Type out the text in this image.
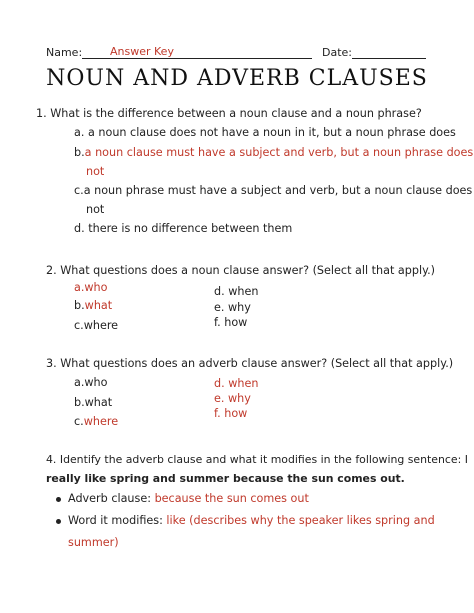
Name:	Answer Key	Date:
NOUN AND ADVERB CLAUSES
1. What is the difference between a noun clause and a noun phrase?
a. a noun clause does not have a noun in it, but a noun phrase does
b.a noun clause must have a subject and verb, but a noun phrase does
not
c.a noun phrase must have a subject and verb, but a noun clause does
not
d. there is no difference between them
2. What questions does a noun clause answer? (Select all that apply.)
a.who
b.what
c.where
d. when
e. why
f. how
3. What questions does an adverb clause answer? (Select all that apply.)
a.who
b.what
c.where
d. when
e. why
f. how
4. Identify the adverb clause and what it modifies in the following sentence: I
really like spring and summer because the sun comes out.
Adverb clause: because the sun comes out
Word it modifies: like (describes why the speaker likes spring and
summer)
